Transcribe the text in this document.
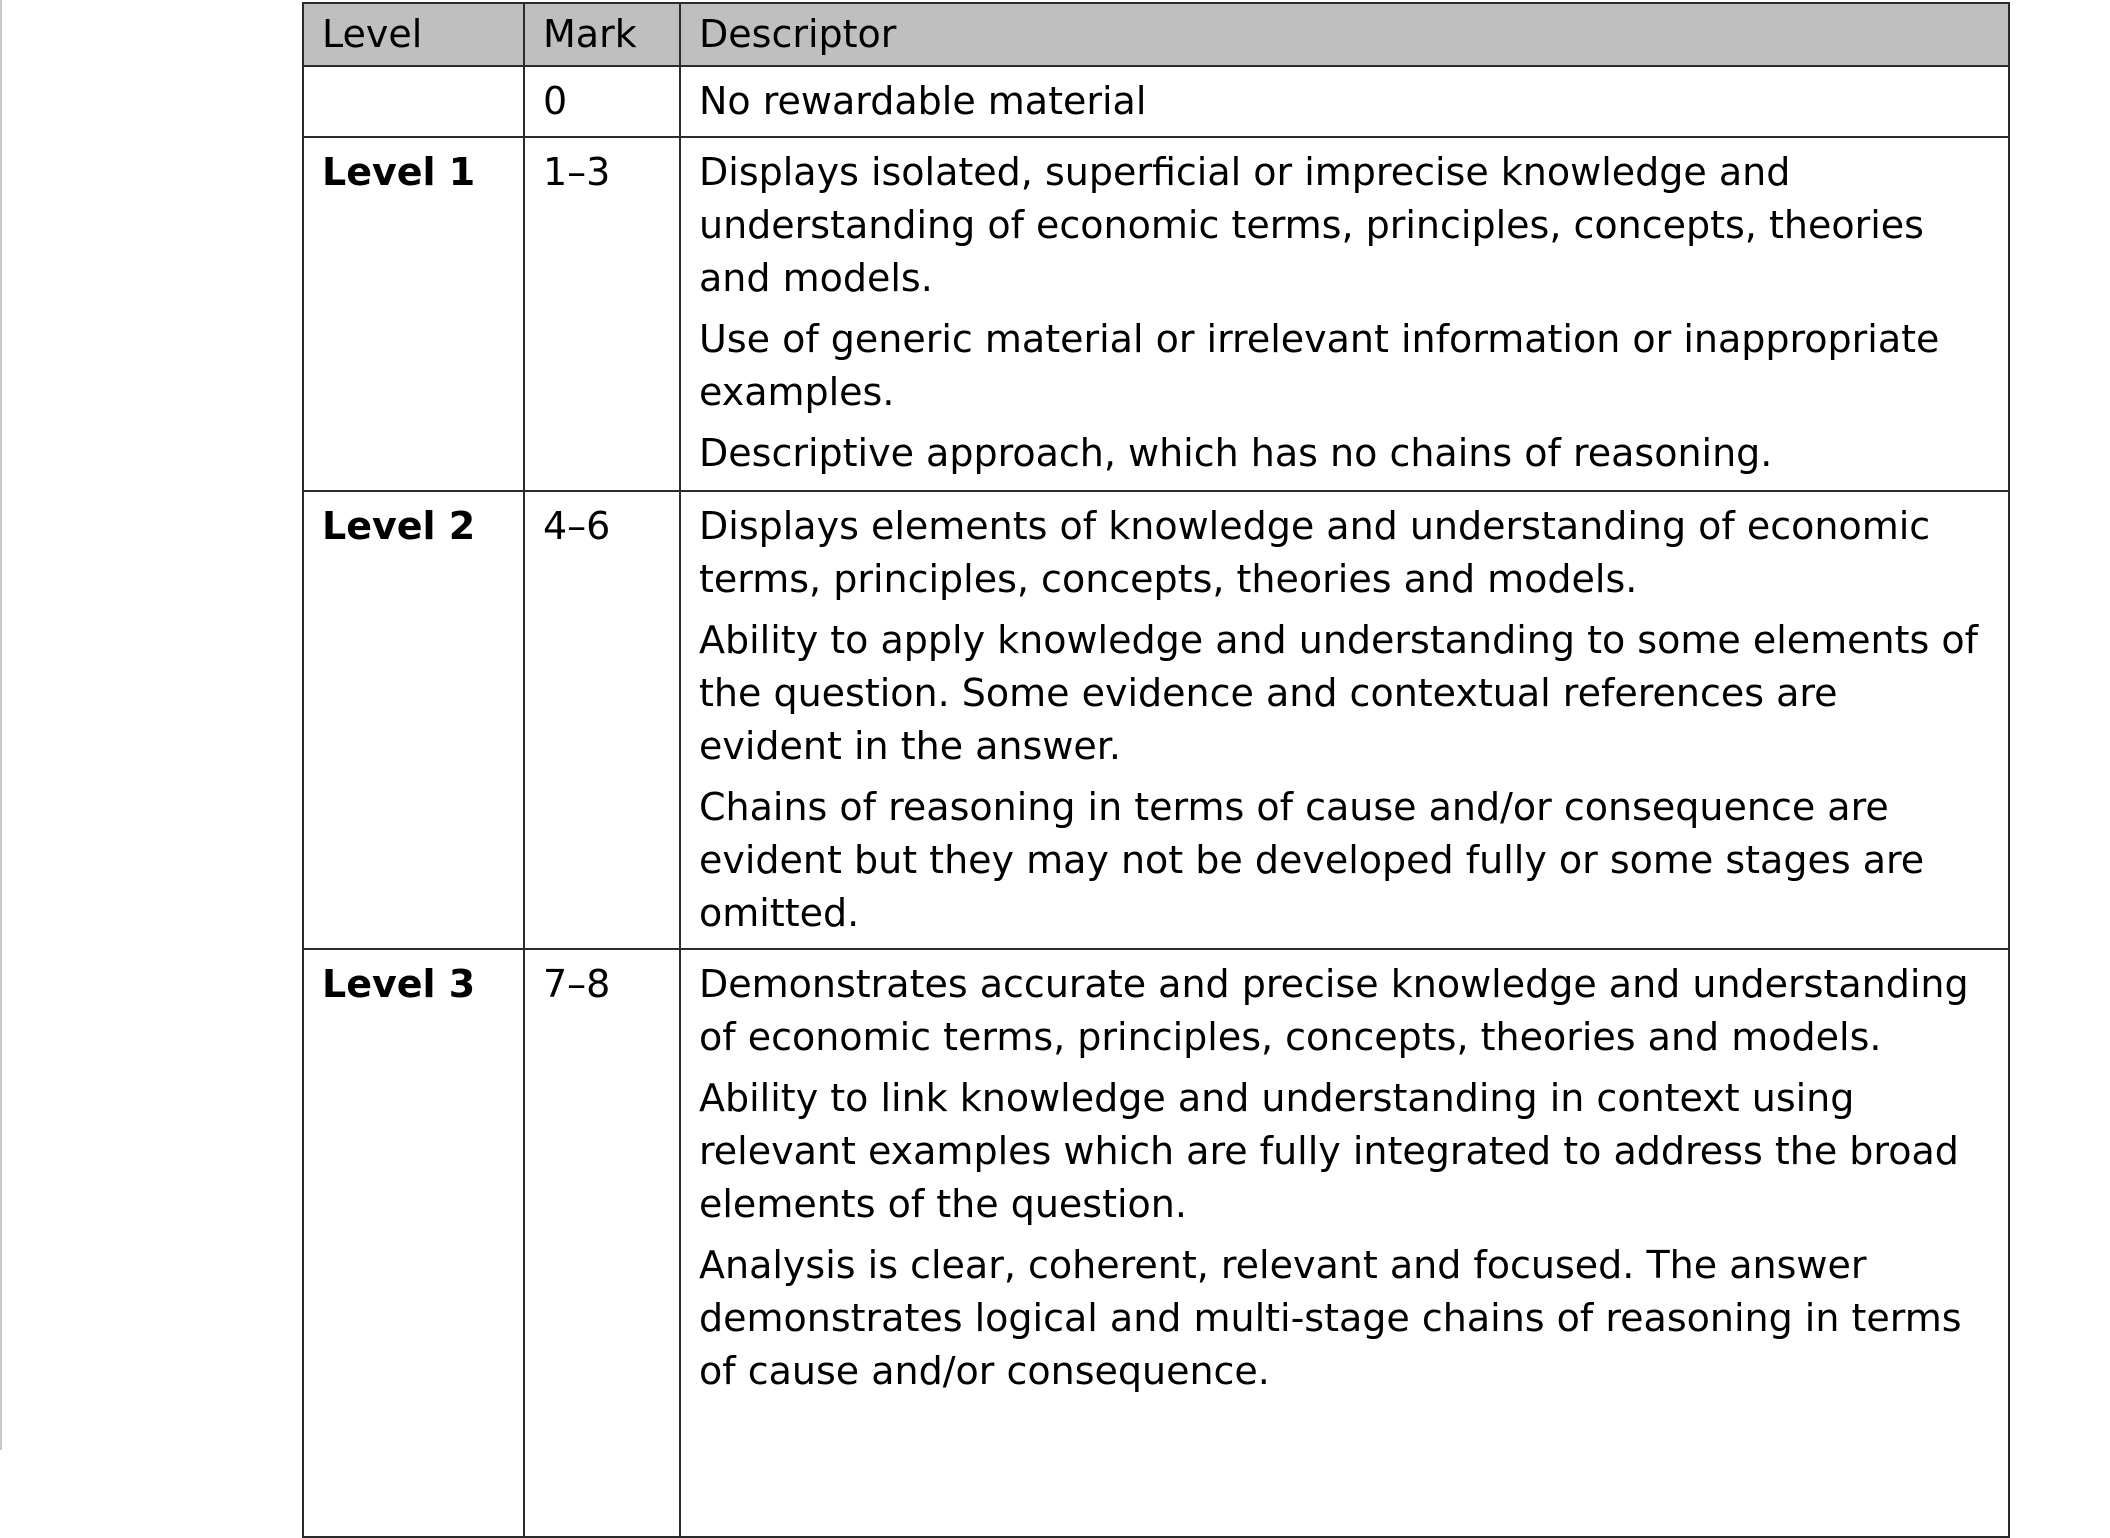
Level	Mark	Descriptor
	0	No rewardable material

Level 1	1–3	Displays isolated, superficial or imprecise knowledge and understanding of economic terms, principles, concepts, theories and models.

Use of generic material or irrelevant information or inappropriate examples.

Descriptive approach, which has no chains of reasoning.

Level 2	4–6	Displays elements of knowledge and understanding of economic terms, principles, concepts, theories and models.

Ability to apply knowledge and understanding to some elements of the question. Some evidence and contextual references are evident in the answer.

Chains of reasoning in terms of cause and/or consequence are evident but they may not be developed fully or some stages are omitted.

Level 3	7–8	Demonstrates accurate and precise knowledge and understanding of economic terms, principles, concepts, theories and models.

Ability to link knowledge and understanding in context using relevant examples which are fully integrated to address the broad elements of the question.

Analysis is clear, coherent, relevant and focused. The answer demonstrates logical and multi-stage chains of reasoning in terms of cause and/or consequence.
